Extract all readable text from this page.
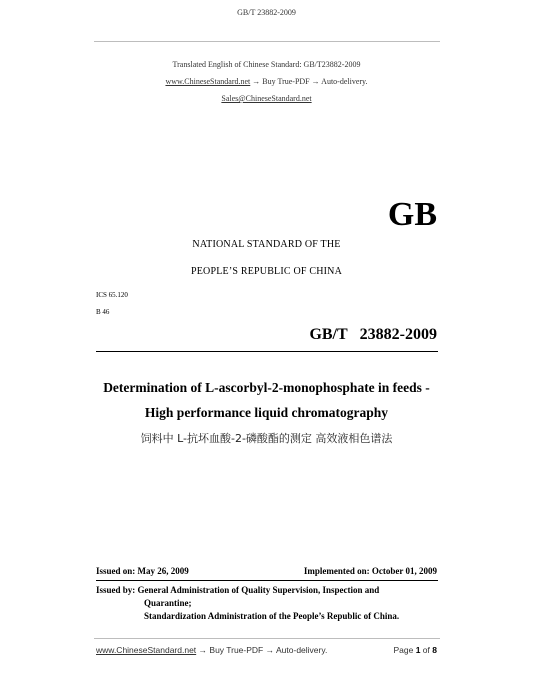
GB/T 23882-2009
Translated English of Chinese Standard: GB/T23882-2009
www.ChineseStandard.net → Buy True-PDF → Auto-delivery.
Sales@ChineseStandard.net
GB
NATIONAL STANDARD OF THE
PEOPLE’S REPUBLIC OF CHINA
ICS 65.120
B 46
GB/T 23882-2009
Determination of L-ascorbyl-2-monophosphate in feeds -
High performance liquid chromatography
饲料中 L-抗坏血酸-2-磷酸酯的测定 高效液相色谱法
Issued on: May 26, 2009	Implemented on: October 01, 2009
Issued by: General Administration of Quality Supervision, Inspection and
Quarantine;
Standardization Administration of the People’s Republic of China.
www.ChineseStandard.net → Buy True-PDF → Auto-delivery.	Page 1 of 8
